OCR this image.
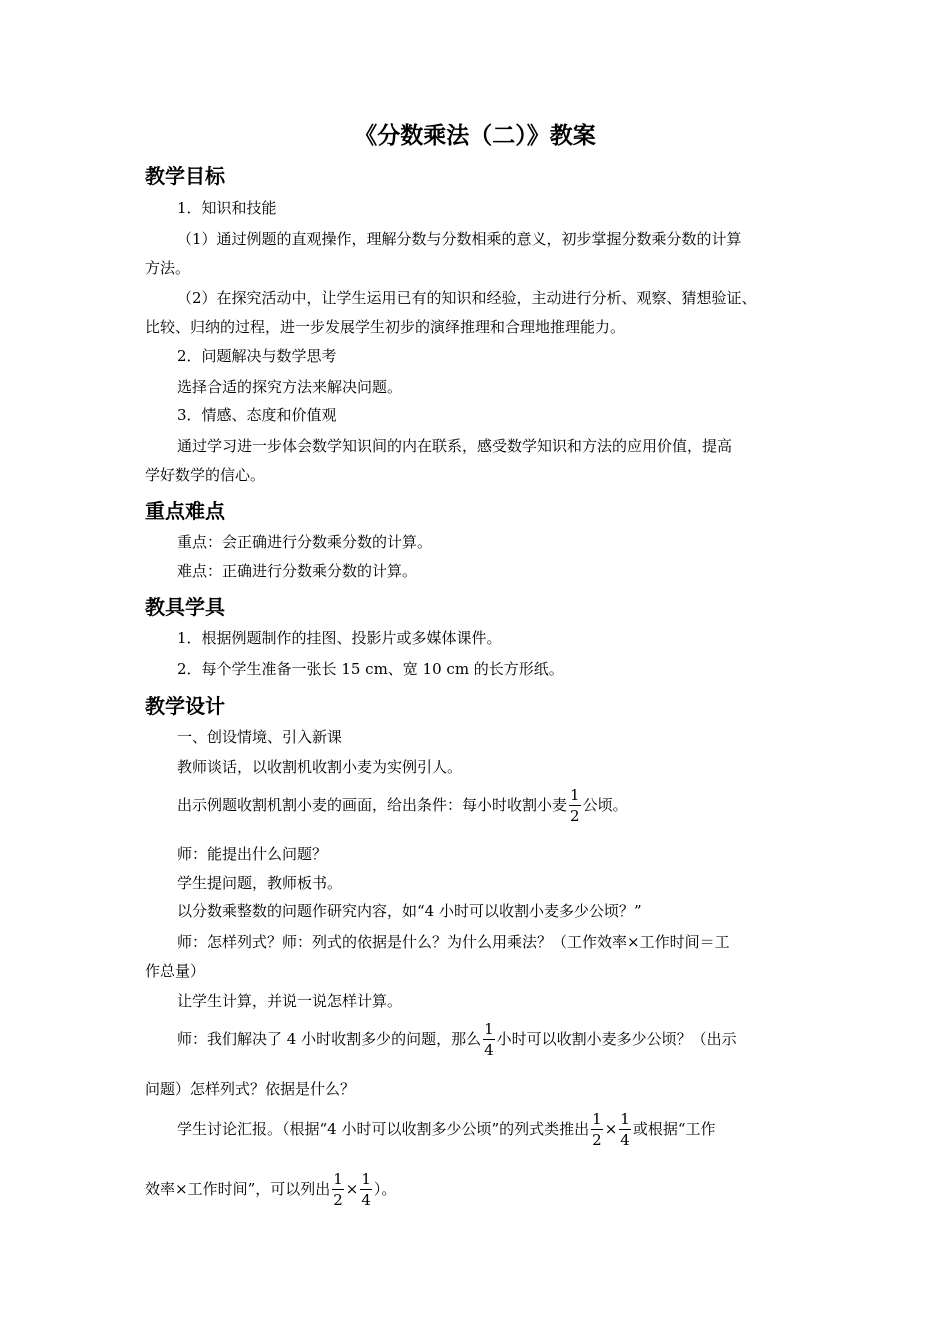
《分数乘法（二）》教案
教学目标
1．知识和技能
（1）通过例题的直观操作，理解分数与分数相乘的意义，初步掌握分数乘分数的计算
方法。
（2）在探究活动中，让学生运用已有的知识和经验，主动进行分析、观察、猜想验证、
比较、归纳的过程，进一步发展学生初步的演绎推理和合理地推理能力。
2．问题解决与数学思考
选择合适的探究方法来解决问题。
3．情感、态度和价值观
通过学习进一步体会数学知识间的内在联系，感受数学知识和方法的应用价值，提高
学好数学的信心。
重点难点
重点：会正确进行分数乘分数的计算。
难点：正确进行分数乘分数的计算。
教具学具
1．根据例题制作的挂图、投影片或多媒体课件。
2．每个学生准备一张长 15 cm、宽 10 cm 的长方形纸。
教学设计
一、创设情境、引入新课
教师谈话，以收割机收割小麦为实例引人。
出示例题收割机割小麦的画面，给出条件：每小时收割小麦 $\frac{1}{2}$ 公顷。
师：能提出什么问题？
学生提问题，教师板书。
以分数乘整数的问题作研究内容，如“4 小时可以收割小麦多少公顷？”
师：怎样列式？师：列式的依据是什么？为什么用乘法？（工作效率×工作时间＝工
作总量）
让学生计算，并说一说怎样计算。
师：我们解决了 4 小时收割多少的问题，那么 $\frac{1}{4}$ 小时可以收割小麦多少公顷？（出示
问题）怎样列式？依据是什么？
学生讨论汇报。（根据“4 小时可以收割多少公顷”的列式类推出 $\frac{1}{2} \times \frac{1}{4}$ 或根据“工作
效率×工作时间”，可以列出 $\frac{1}{2} \times \frac{1}{4}$ ）。
